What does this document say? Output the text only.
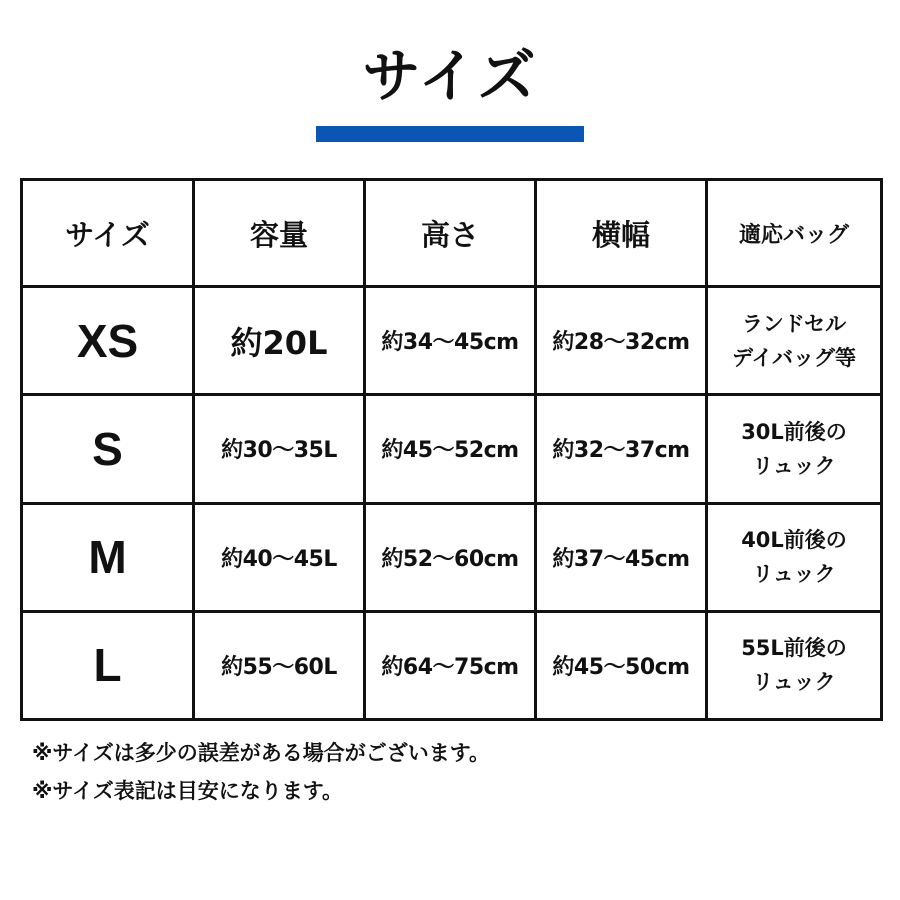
サイズ
サイズ	容量	高さ	横幅	適応バッグ
XS	約20L	約34〜45cm	約28〜32cm	ランドセル
デイバッグ等

S	約30〜35L	約45〜52cm	約32〜37cm	30L前後の
リュック

M	約40〜45L	約52〜60cm	約37〜45cm	40L前後の
リュック

L	約55〜60L	約64〜75cm	約45〜50cm	55L前後の
リュック
※サイズは多少の誤差がある場合がございます。
※サイズ表記は目安になります。
